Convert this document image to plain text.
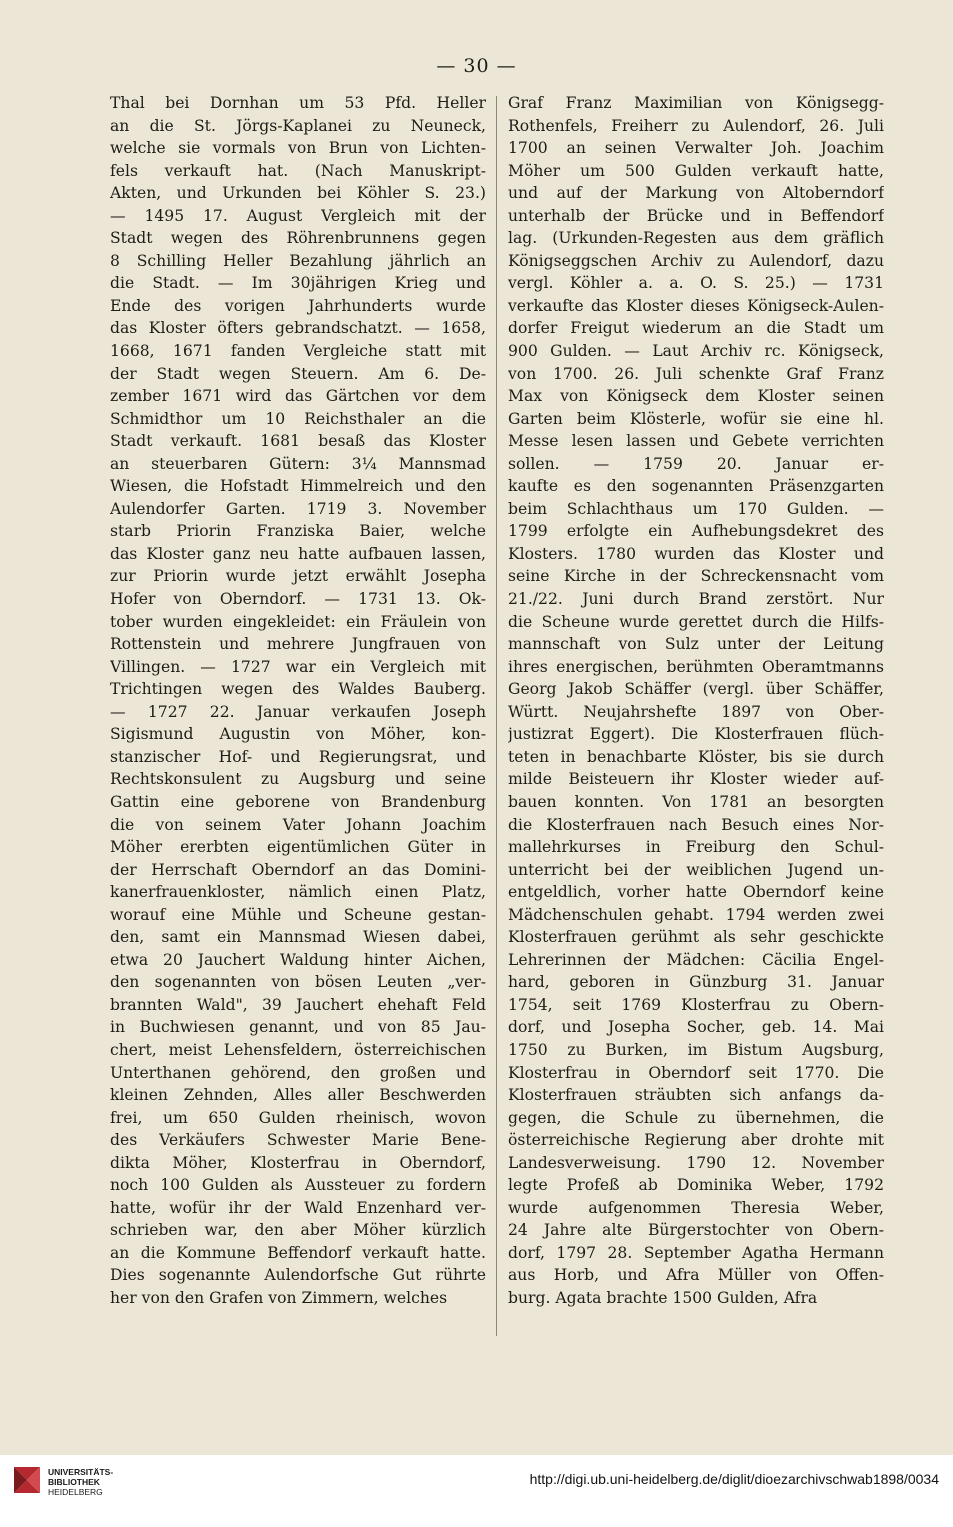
— 30 —
Thal bei Dornhan um 53 Pfd. Heller
an die St. Jörgs-Kaplanei zu Neuneck,
welche sie vormals von Brun von Lichten-
fels verkauft hat. (Nach Manuskript-
Akten, und Urkunden bei Köhler S. 23.)
— 1495 17. August Vergleich mit der
Stadt wegen des Röhrenbrunnens gegen
8 Schilling Heller Bezahlung jährlich an
die Stadt. — Im 30jährigen Krieg und
Ende des vorigen Jahrhunderts wurde
das Kloster öfters gebrandschatzt. — 1658,
1668, 1671 fanden Vergleiche statt mit
der Stadt wegen Steuern. Am 6. De-
zember 1671 wird das Gärtchen vor dem
Schmidthor um 10 Reichsthaler an die
Stadt verkauft. 1681 besaß das Kloster
an steuerbaren Gütern: 3¼ Mannsmad
Wiesen, die Hofstadt Himmelreich und den
Aulendorfer Garten. 1719 3. November
starb Priorin Franziska Baier, welche
das Kloster ganz neu hatte aufbauen lassen,
zur Priorin wurde jetzt erwählt Josepha
Hofer von Oberndorf. — 1731 13. Ok-
tober wurden eingekleidet: ein Fräulein von
Rottenstein und mehrere Jungfrauen von
Villingen. — 1727 war ein Vergleich mit
Trichtingen wegen des Waldes Bauberg.
— 1727 22. Januar verkaufen Joseph
Sigismund Augustin von Möher, kon-
stanzischer Hof- und Regierungsrat, und
Rechtskonsulent zu Augsburg und seine
Gattin eine geborene von Brandenburg
die von seinem Vater Johann Joachim
Möher ererbten eigentümlichen Güter in
der Herrschaft Oberndorf an das Domini-
kanerfrauenkloster, nämlich einen Platz,
worauf eine Mühle und Scheune gestan-
den, samt ein Mannsmad Wiesen dabei,
etwa 20 Jauchert Waldung hinter Aichen,
den sogenannten von bösen Leuten „ver-
brannten Wald", 39 Jauchert ehehaft Feld
in Buchwiesen genannt, und von 85 Jau-
chert, meist Lehensfeldern, österreichischen
Unterthanen gehörend, den großen und
kleinen Zehnden, Alles aller Beschwerden
frei, um 650 Gulden rheinisch, wovon
des Verkäufers Schwester Marie Bene-
dikta Möher, Klosterfrau in Oberndorf,
noch 100 Gulden als Aussteuer zu fordern
hatte, wofür ihr der Wald Enzenhard ver-
schrieben war, den aber Möher kürzlich
an die Kommune Beffendorf verkauft hatte.
Dies sogenannte Aulendorfsche Gut rührte
her von den Grafen von Zimmern, welches
Graf Franz Maximilian von Königsegg-
Rothenfels, Freiherr zu Aulendorf, 26. Juli
1700 an seinen Verwalter Joh. Joachim
Möher um 500 Gulden verkauft hatte,
und auf der Markung von Altoberndorf
unterhalb der Brücke und in Beffendorf
lag. (Urkunden-Regesten aus dem gräflich
Königseggschen Archiv zu Aulendorf, dazu
vergl. Köhler a. a. O. S. 25.) — 1731
verkaufte das Kloster dieses Königseck-Aulen-
dorfer Freigut wiederum an die Stadt um
900 Gulden. — Laut Archiv rc. Königseck,
von 1700. 26. Juli schenkte Graf Franz
Max von Königseck dem Kloster seinen
Garten beim Klösterle, wofür sie eine hl.
Messe lesen lassen und Gebete verrichten
sollen. — 1759 20. Januar er-
kaufte es den sogenannten Präsenzgarten
beim Schlachthaus um 170 Gulden. —
1799 erfolgte ein Aufhebungsdekret des
Klosters. 1780 wurden das Kloster und
seine Kirche in der Schreckensnacht vom
21./22. Juni durch Brand zerstört. Nur
die Scheune wurde gerettet durch die Hilfs-
mannschaft von Sulz unter der Leitung
ihres energischen, berühmten Oberamtmanns
Georg Jakob Schäffer (vergl. über Schäffer,
Württ. Neujahrshefte 1897 von Ober-
justizrat Eggert). Die Klosterfrauen flüch-
teten in benachbarte Klöster, bis sie durch
milde Beisteuern ihr Kloster wieder auf-
bauen konnten. Von 1781 an besorgten
die Klosterfrauen nach Besuch eines Nor-
mallehrkurses in Freiburg den Schul-
unterricht bei der weiblichen Jugend un-
entgeldlich, vorher hatte Oberndorf keine
Mädchenschulen gehabt. 1794 werden zwei
Klosterfrauen gerühmt als sehr geschickte
Lehrerinnen der Mädchen: Cäcilia Engel-
hard, geboren in Günzburg 31. Januar
1754, seit 1769 Klosterfrau zu Obern-
dorf, und Josepha Socher, geb. 14. Mai
1750 zu Burken, im Bistum Augsburg,
Klosterfrau in Oberndorf seit 1770. Die
Klosterfrauen sträubten sich anfangs da-
gegen, die Schule zu übernehmen, die
österreichische Regierung aber drohte mit
Landesverweisung. 1790 12. November
legte Profeß ab Dominika Weber, 1792
wurde aufgenommen Theresia Weber,
24 Jahre alte Bürgerstochter von Obern-
dorf, 1797 28. September Agatha Hermann
aus Horb, und Afra Müller von Offen-
burg. Agata brachte 1500 Gulden, Afra
UNIVERSITÄTS-
BIBLIOTHEK
HEIDELBERG
http://digi.ub.uni-heidelberg.de/diglit/dioezarchivschwab1898/0034
